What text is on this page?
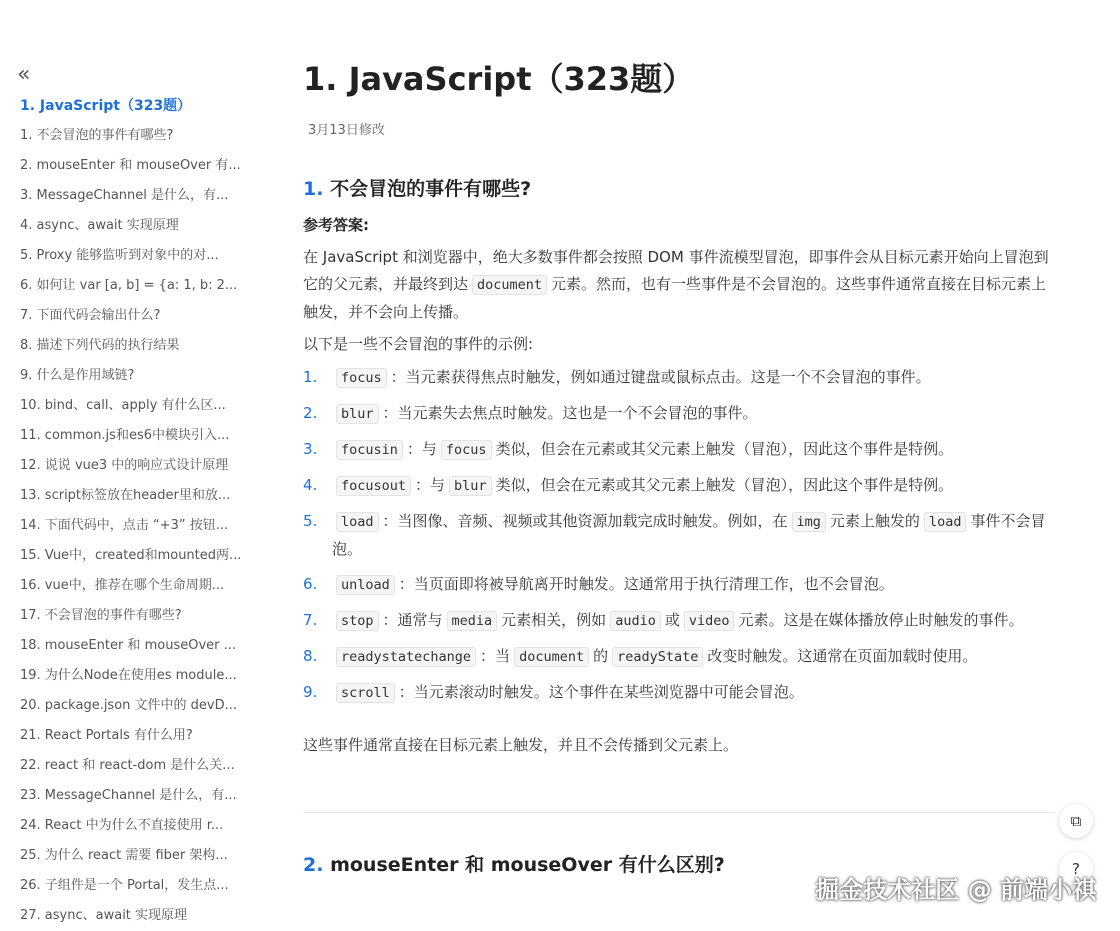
«
1. JavaScript（323题）
1. 不会冒泡的事件有哪些?
2. mouseEnter 和 mouseOver 有...
3. MessageChannel 是什么，有...
4. async、await 实现原理
5. Proxy 能够监听到对象中的对...
6. 如何让 var [a, b] = {a: 1, b: 2...
7. 下面代码会输出什么?
8. 描述下列代码的执行结果
9. 什么是作用域链?
10. bind、call、apply 有什么区...
11. common.js和es6中模块引入...
12. 说说 vue3 中的响应式设计原理
13. script标签放在header里和放...
14. 下面代码中，点击 “+3” 按钮...
15. Vue中，created和mounted两...
16. vue中，推荐在哪个生命周期...
17. 不会冒泡的事件有哪些?
18. mouseEnter 和 mouseOver ...
19. 为什么Node在使用es module...
20. package.json 文件中的 devD...
21. React Portals 有什么用?
22. react 和 react-dom 是什么关...
23. MessageChannel 是什么，有...
24. React 中为什么不直接使用 r...
25. 为什么 react 需要 fiber 架构...
26. 子组件是一个 Portal，发生点...
27. async、await 实现原理
1. JavaScript（323题）
3月13日修改
1. 不会冒泡的事件有哪些?
参考答案:
在 JavaScript 和浏览器中，绝大多数事件都会按照 DOM 事件流模型冒泡，即事件会从目标元素开始向上冒泡到它的父元素，并最终到达 document 元素。然而，也有一些事件是不会冒泡的。这些事件通常直接在目标元素上触发，并不会向上传播。
以下是一些不会冒泡的事件的示例:
1. focus ：当元素获得焦点时触发，例如通过键盘或鼠标点击。这是一个不会冒泡的事件。
2. blur ：当元素失去焦点时触发。这也是一个不会冒泡的事件。
3. focusin ：与 focus 类似，但会在元素或其父元素上触发（冒泡），因此这个事件是特例。
4. focusout ：与 blur 类似，但会在元素或其父元素上触发（冒泡），因此这个事件是特例。
5. load ：当图像、音频、视频或其他资源加载完成时触发。例如，在 img 元素上触发的 load 事件不会冒泡。
6. unload ：当页面即将被导航离开时触发。这通常用于执行清理工作，也不会冒泡。
7. stop ：通常与 media 元素相关，例如 audio 或 video 元素。这是在媒体播放停止时触发的事件。
8. readystatechange ：当 document 的 readyState 改变时触发。这通常在页面加载时使用。
9. scroll ：当元素滚动时触发。这个事件在某些浏览器中可能会冒泡。
这些事件通常直接在目标元素上触发，并且不会传播到父元素上。
2. mouseEnter 和 mouseOver 有什么区别?
⧉
?
掘金技术社区 @ 前端小祺
